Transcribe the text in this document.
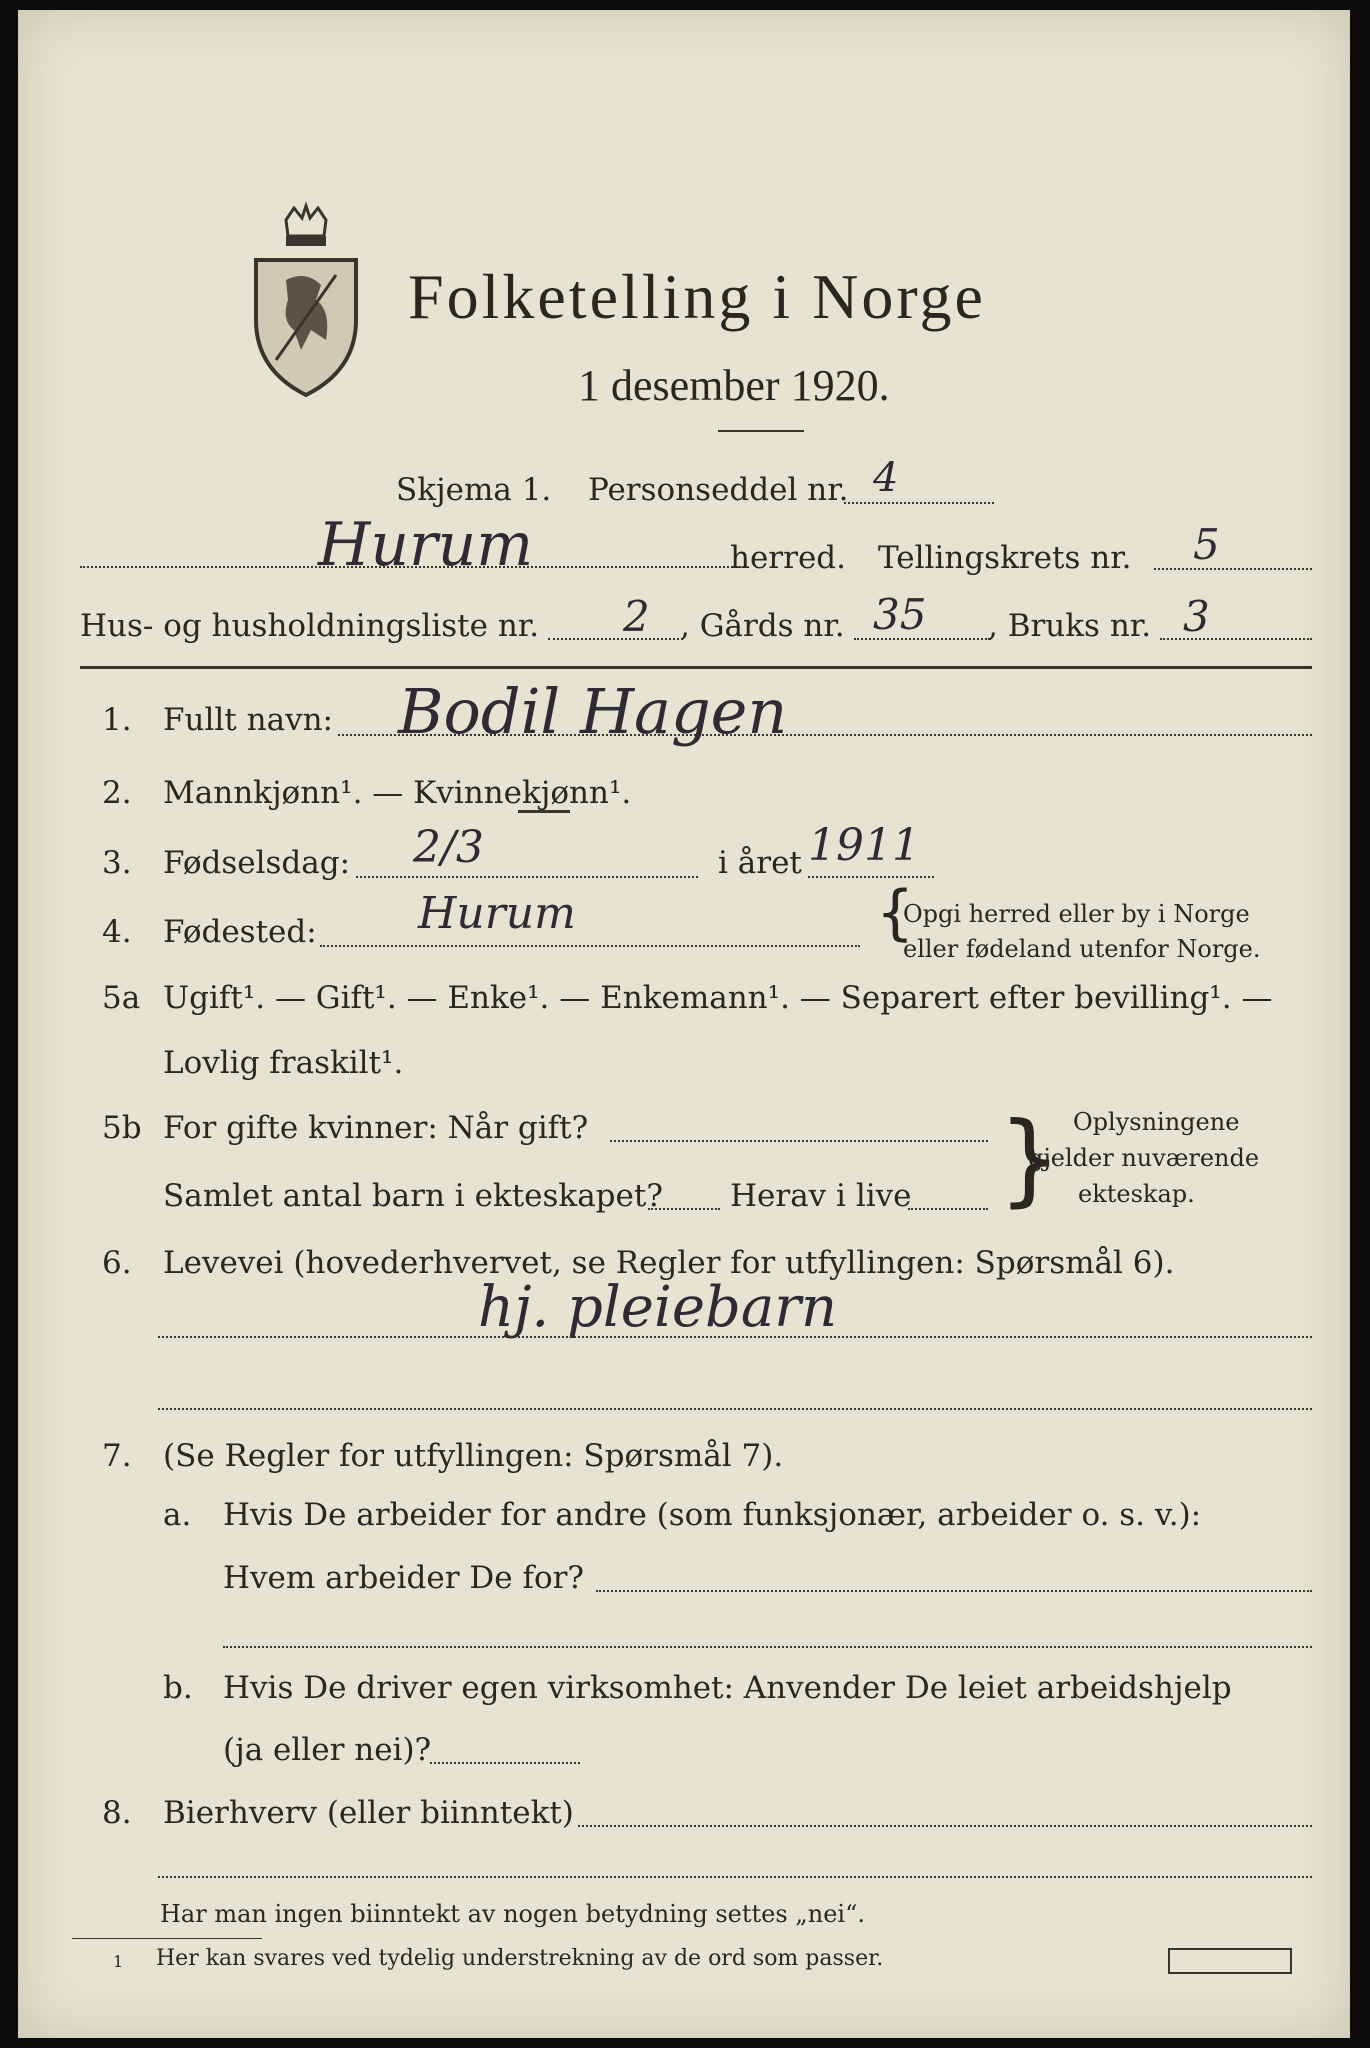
Folketelling i Norge
1 desember 1920.
Skjema 1. Personseddel nr. 4
Hurum	herred. Tellingskrets nr. 5
Hus- og husholdningsliste nr. 2 , Gårds nr. 35 , Bruks nr. 3
1. Fullt navn: Bodil Hagen
2. Mannkjønn¹. — Kvinnekjønn¹.
3. Fødselsdag: 2/3	i året 1911
4. Fødested: Hurum	{
Opgi herred eller by i Norge
eller fødeland utenfor Norge.
5a Ugift¹. — Gift¹. — Enke¹. — Enkemann¹. — Separert efter bevilling¹. —
Lovlig fraskilt¹.
5b For gifte kvinner: Når gift?
Samlet antal barn i ekteskapet? Herav i live } Oplysningene
gjelder nuværende
ekteskap.
6. Levevei (hovederhvervet, se Regler for utfyllingen: Spørsmål 6).
hj. pleiebarn
7. (Se Regler for utfyllingen: Spørsmål 7).
a. Hvis De arbeider for andre (som funksjonær, arbeider o. s. v.):
Hvem arbeider De for?
b. Hvis De driver egen virksomhet: Anvender De leiet arbeidshjelp
(ja eller nei)?
8. Bierhverv (eller biinntekt)
Har man ingen biinntekt av nogen betydning settes „nei“.
1 Her kan svares ved tydelig understrekning av de ord som passer.
